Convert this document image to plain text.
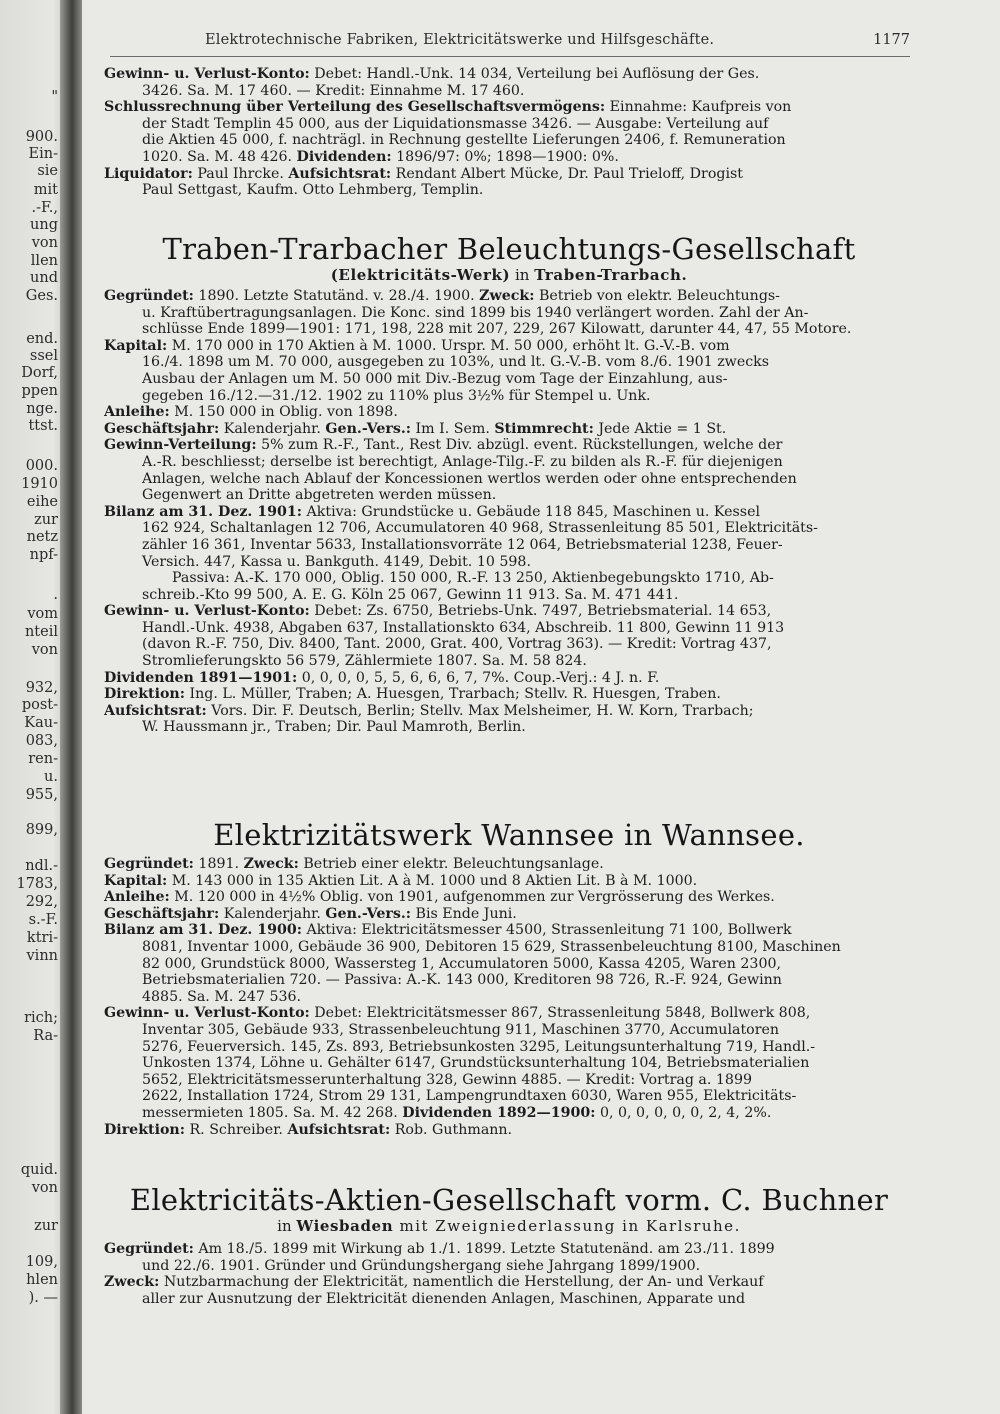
"
900.
Ein-
sie
mit
.-F.,
ung
von
llen
und
Ges.
end.
ssel
Dorf,
ppen
nge.
ttst.
000.
1910
eihe
zur
netz
npf-
.
vom
nteil
von
932,
post-
Kau-
083,
ren-
u.
955,
899,
ndl.-
1783,
292,
s.-F.
ktri-
vinn
rich;
Ra-
quid.
von
zur
109,
hlen
). —
Elektrotechnische Fabriken, Elektricitätswerke und Hilfsgeschäfte.	1177
Gewinn- u. Verlust-Konto: Debet: Handl.-Unk. 14 034, Verteilung bei Auflösung der Ges.
3426. Sa. M. 17 460. — Kredit: Einnahme M. 17 460.
Schlussrechnung über Verteilung des Gesellschaftsvermögens: Einnahme: Kaufpreis von
der Stadt Templin 45 000, aus der Liquidationsmasse 3426. — Ausgabe: Verteilung auf
die Aktien 45 000, f. nachträgl. in Rechnung gestellte Lieferungen 2406, f. Remuneration
1020. Sa. M. 48 426. Dividenden: 1896/97: 0%; 1898—1900: 0%.
Liquidator: Paul Ihrcke. Aufsichtsrat: Rendant Albert Mücke, Dr. Paul Trieloff, Drogist
Paul Settgast, Kaufm. Otto Lehmberg, Templin.
Traben-Trarbacher Beleuchtungs-Gesellschaft
(Elektricitäts-Werk) in Traben-Trarbach.
Gegründet: 1890. Letzte Statutänd. v. 28./4. 1900. Zweck: Betrieb von elektr. Beleuchtungs-
u. Kraftübertragungsanlagen. Die Konc. sind 1899 bis 1940 verlängert worden. Zahl der An-
schlüsse Ende 1899—1901: 171, 198, 228 mit 207, 229, 267 Kilowatt, darunter 44, 47, 55 Motore.
Kapital: M. 170 000 in 170 Aktien à M. 1000. Urspr. M. 50 000, erhöht lt. G.-V.-B. vom
16./4. 1898 um M. 70 000, ausgegeben zu 103%, und lt. G.-V.-B. vom 8./6. 1901 zwecks
Ausbau der Anlagen um M. 50 000 mit Div.-Bezug vom Tage der Einzahlung, aus-
gegeben 16./12.—31./12. 1902 zu 110% plus 3½% für Stempel u. Unk.
Anleihe: M. 150 000 in Oblig. von 1898.
Geschäftsjahr: Kalenderjahr. Gen.-Vers.: Im I. Sem. Stimmrecht: Jede Aktie = 1 St.
Gewinn-Verteilung: 5% zum R.-F., Tant., Rest Div. abzügl. event. Rückstellungen, welche der
A.-R. beschliesst; derselbe ist berechtigt, Anlage-Tilg.-F. zu bilden als R.-F. für diejenigen
Anlagen, welche nach Ablauf der Koncessionen wertlos werden oder ohne entsprechenden
Gegenwert an Dritte abgetreten werden müssen.
Bilanz am 31. Dez. 1901: Aktiva: Grundstücke u. Gebäude 118 845, Maschinen u. Kessel
162 924, Schaltanlagen 12 706, Accumulatoren 40 968, Strassenleitung 85 501, Elektricitäts-
zähler 16 361, Inventar 5633, Installationsvorräte 12 064, Betriebsmaterial 1238, Feuer-
Versich. 447, Kassa u. Bankguth. 4149, Debit. 10 598.
Passiva: A.-K. 170 000, Oblig. 150 000, R.-F. 13 250, Aktienbegebungskto 1710, Ab-
schreib.-Kto 99 500, A. E. G. Köln 25 067, Gewinn 11 913. Sa. M. 471 441.
Gewinn- u. Verlust-Konto: Debet: Zs. 6750, Betriebs-Unk. 7497, Betriebsmaterial. 14 653,
Handl.-Unk. 4938, Abgaben 637, Installationskto 634, Abschreib. 11 800, Gewinn 11 913
(davon R.-F. 750, Div. 8400, Tant. 2000, Grat. 400, Vortrag 363). — Kredit: Vortrag 437,
Stromlieferungskto 56 579, Zählermiete 1807. Sa. M. 58 824.
Dividenden 1891—1901: 0, 0, 0, 0, 5, 5, 6, 6, 6, 7, 7%. Coup.-Verj.: 4 J. n. F.
Direktion: Ing. L. Müller, Traben; A. Huesgen, Trarbach; Stellv. R. Huesgen, Traben.
Aufsichtsrat: Vors. Dir. F. Deutsch, Berlin; Stellv. Max Melsheimer, H. W. Korn, Trarbach;
W. Haussmann jr., Traben; Dir. Paul Mamroth, Berlin.
Elektrizitätswerk Wannsee in Wannsee.
Gegründet: 1891. Zweck: Betrieb einer elektr. Beleuchtungsanlage.
Kapital: M. 143 000 in 135 Aktien Lit. A à M. 1000 und 8 Aktien Lit. B à M. 1000.
Anleihe: M. 120 000 in 4½% Oblig. von 1901, aufgenommen zur Vergrösserung des Werkes.
Geschäftsjahr: Kalenderjahr. Gen.-Vers.: Bis Ende Juni.
Bilanz am 31. Dez. 1900: Aktiva: Elektricitätsmesser 4500, Strassenleitung 71 100, Bollwerk
8081, Inventar 1000, Gebäude 36 900, Debitoren 15 629, Strassenbeleuchtung 8100, Maschinen
82 000, Grundstück 8000, Wassersteg 1, Accumulatoren 5000, Kassa 4205, Waren 2300,
Betriebsmaterialien 720. — Passiva: A.-K. 143 000, Kreditoren 98 726, R.-F. 924, Gewinn
4885. Sa. M. 247 536.
Gewinn- u. Verlust-Konto: Debet: Elektricitätsmesser 867, Strassenleitung 5848, Bollwerk 808,
Inventar 305, Gebäude 933, Strassenbeleuchtung 911, Maschinen 3770, Accumulatoren
5276, Feuerversich. 145, Zs. 893, Betriebsunkosten 3295, Leitungsunterhaltung 719, Handl.-
Unkosten 1374, Löhne u. Gehälter 6147, Grundstücksunterhaltung 104, Betriebsmaterialien
5652, Elektricitätsmesserunterhaltung 328, Gewinn 4885. — Kredit: Vortrag a. 1899
2622, Installation 1724, Strom 29 131, Lampengrundtaxen 6030, Waren 955, Elektricitäts-
messermieten 1805. Sa. M. 42 268. Dividenden 1892—1900: 0, 0, 0, 0, 0, 0, 2, 4, 2%.
Direktion: R. Schreiber. Aufsichtsrat: Rob. Guthmann.
Elektricitäts-Aktien-Gesellschaft vorm. C. Buchner
in Wiesbaden mit Zweigniederlassung in Karlsruhe.
Gegründet: Am 18./5. 1899 mit Wirkung ab 1./1. 1899. Letzte Statutenänd. am 23./11. 1899
und 22./6. 1901. Gründer und Gründungshergang siehe Jahrgang 1899/1900.
Zweck: Nutzbarmachung der Elektricität, namentlich die Herstellung, der An- und Verkauf
aller zur Ausnutzung der Elektricität dienenden Anlagen, Maschinen, Apparate und
